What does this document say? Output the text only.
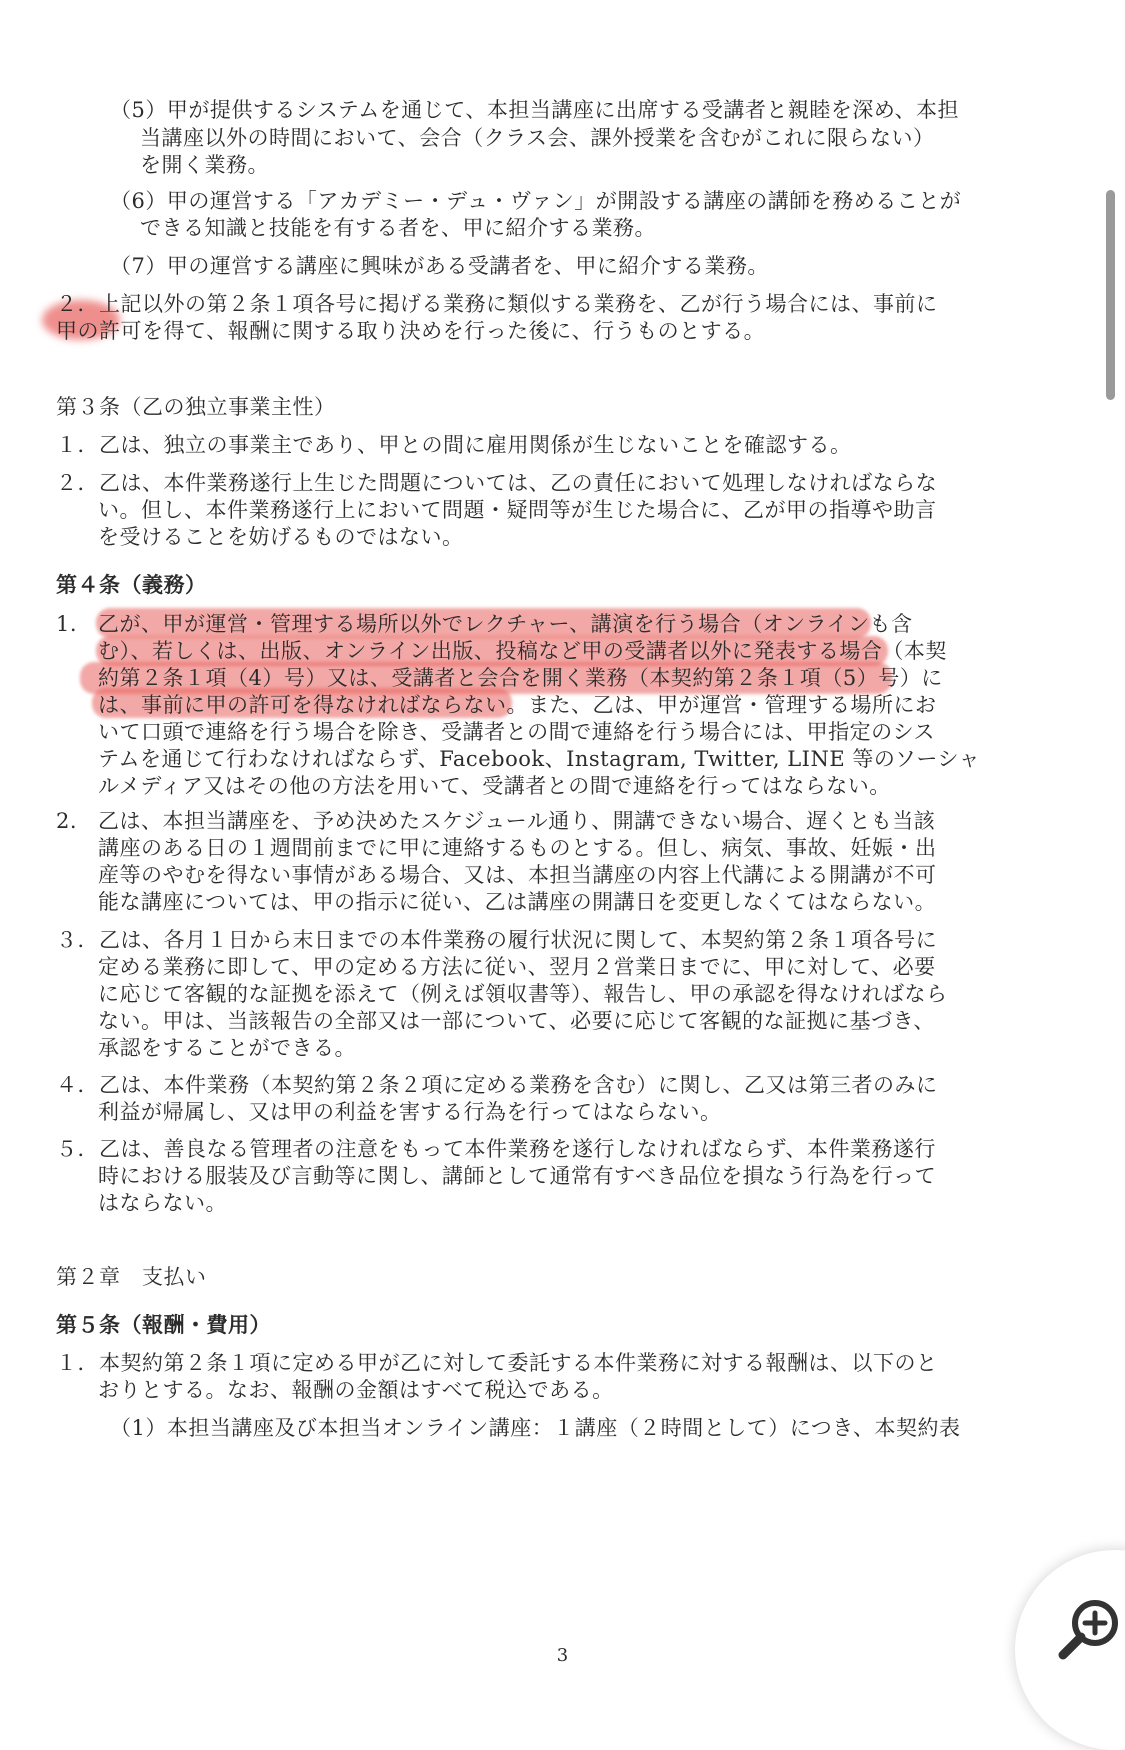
（5）甲が提供するシステムを通じて、本担当講座に出席する受講者と親睦を深め、本担
当講座以外の時間において、会合（クラス会、課外授業を含むがこれに限らない）
を開く業務。
（6）甲の運営する「アカデミー・デュ・ヴァン」が開設する講座の講師を務めることが
できる知識と技能を有する者を、甲に紹介する業務。
（7）甲の運営する講座に興味がある受講者を、甲に紹介する業務。
２．上記以外の第２条１項各号に掲げる業務に類似する業務を、乙が行う場合には、事前に
甲の許可を得て、報酬に関する取り決めを行った後に、行うものとする。
第３条（乙の独立事業主性）
１．乙は、独立の事業主であり、甲との間に雇用関係が生じないことを確認する。
２．乙は、本件業務遂行上生じた問題については、乙の責任において処理しなければならな
い。但し、本件業務遂行上において問題・疑問等が生じた場合に、乙が甲の指導や助言
を受けることを妨げるものではない。
第４条（義務）
1. 乙が、甲が運営・管理する場所以外でレクチャー、講演を行う場合（オンラインも含
む）、若しくは、出版、オンライン出版、投稿など甲の受講者以外に発表する場合（本契
約第２条１項（4）号）又は、受講者と会合を開く業務（本契約第２条１項（5）号）に
は、事前に甲の許可を得なければならない。また、乙は、甲が運営・管理する場所にお
いて口頭で連絡を行う場合を除き、受講者との間で連絡を行う場合には、甲指定のシス
テムを通じて行わなければならず、Facebook、Instagram, Twitter, LINE 等のソーシャ
ルメディア又はその他の方法を用いて、受講者との間で連絡を行ってはならない。
2. 乙は、本担当講座を、予め決めたスケジュール通り、開講できない場合、遅くとも当該
講座のある日の１週間前までに甲に連絡するものとする。但し、病気、事故、妊娠・出
産等のやむを得ない事情がある場合、又は、本担当講座の内容上代講による開講が不可
能な講座については、甲の指示に従い、乙は講座の開講日を変更しなくてはならない。
３．乙は、各月１日から末日までの本件業務の履行状況に関して、本契約第２条１項各号に
定める業務に即して、甲の定める方法に従い、翌月２営業日までに、甲に対して、必要
に応じて客観的な証拠を添えて（例えば領収書等）、報告し、甲の承認を得なければなら
ない。甲は、当該報告の全部又は一部について、必要に応じて客観的な証拠に基づき、
承認をすることができる。
４．乙は、本件業務（本契約第２条２項に定める業務を含む）に関し、乙又は第三者のみに
利益が帰属し、又は甲の利益を害する行為を行ってはならない。
５．乙は、善良なる管理者の注意をもって本件業務を遂行しなければならず、本件業務遂行
時における服装及び言動等に関し、講師として通常有すべき品位を損なう行為を行って
はならない。
第２章　支払い
第５条（報酬・費用）
１．本契約第２条１項に定める甲が乙に対して委託する本件業務に対する報酬は、以下のと
おりとする。なお、報酬の金額はすべて税込である。
（1）本担当講座及び本担当オンライン講座：１講座（２時間として）につき、本契約表
3
